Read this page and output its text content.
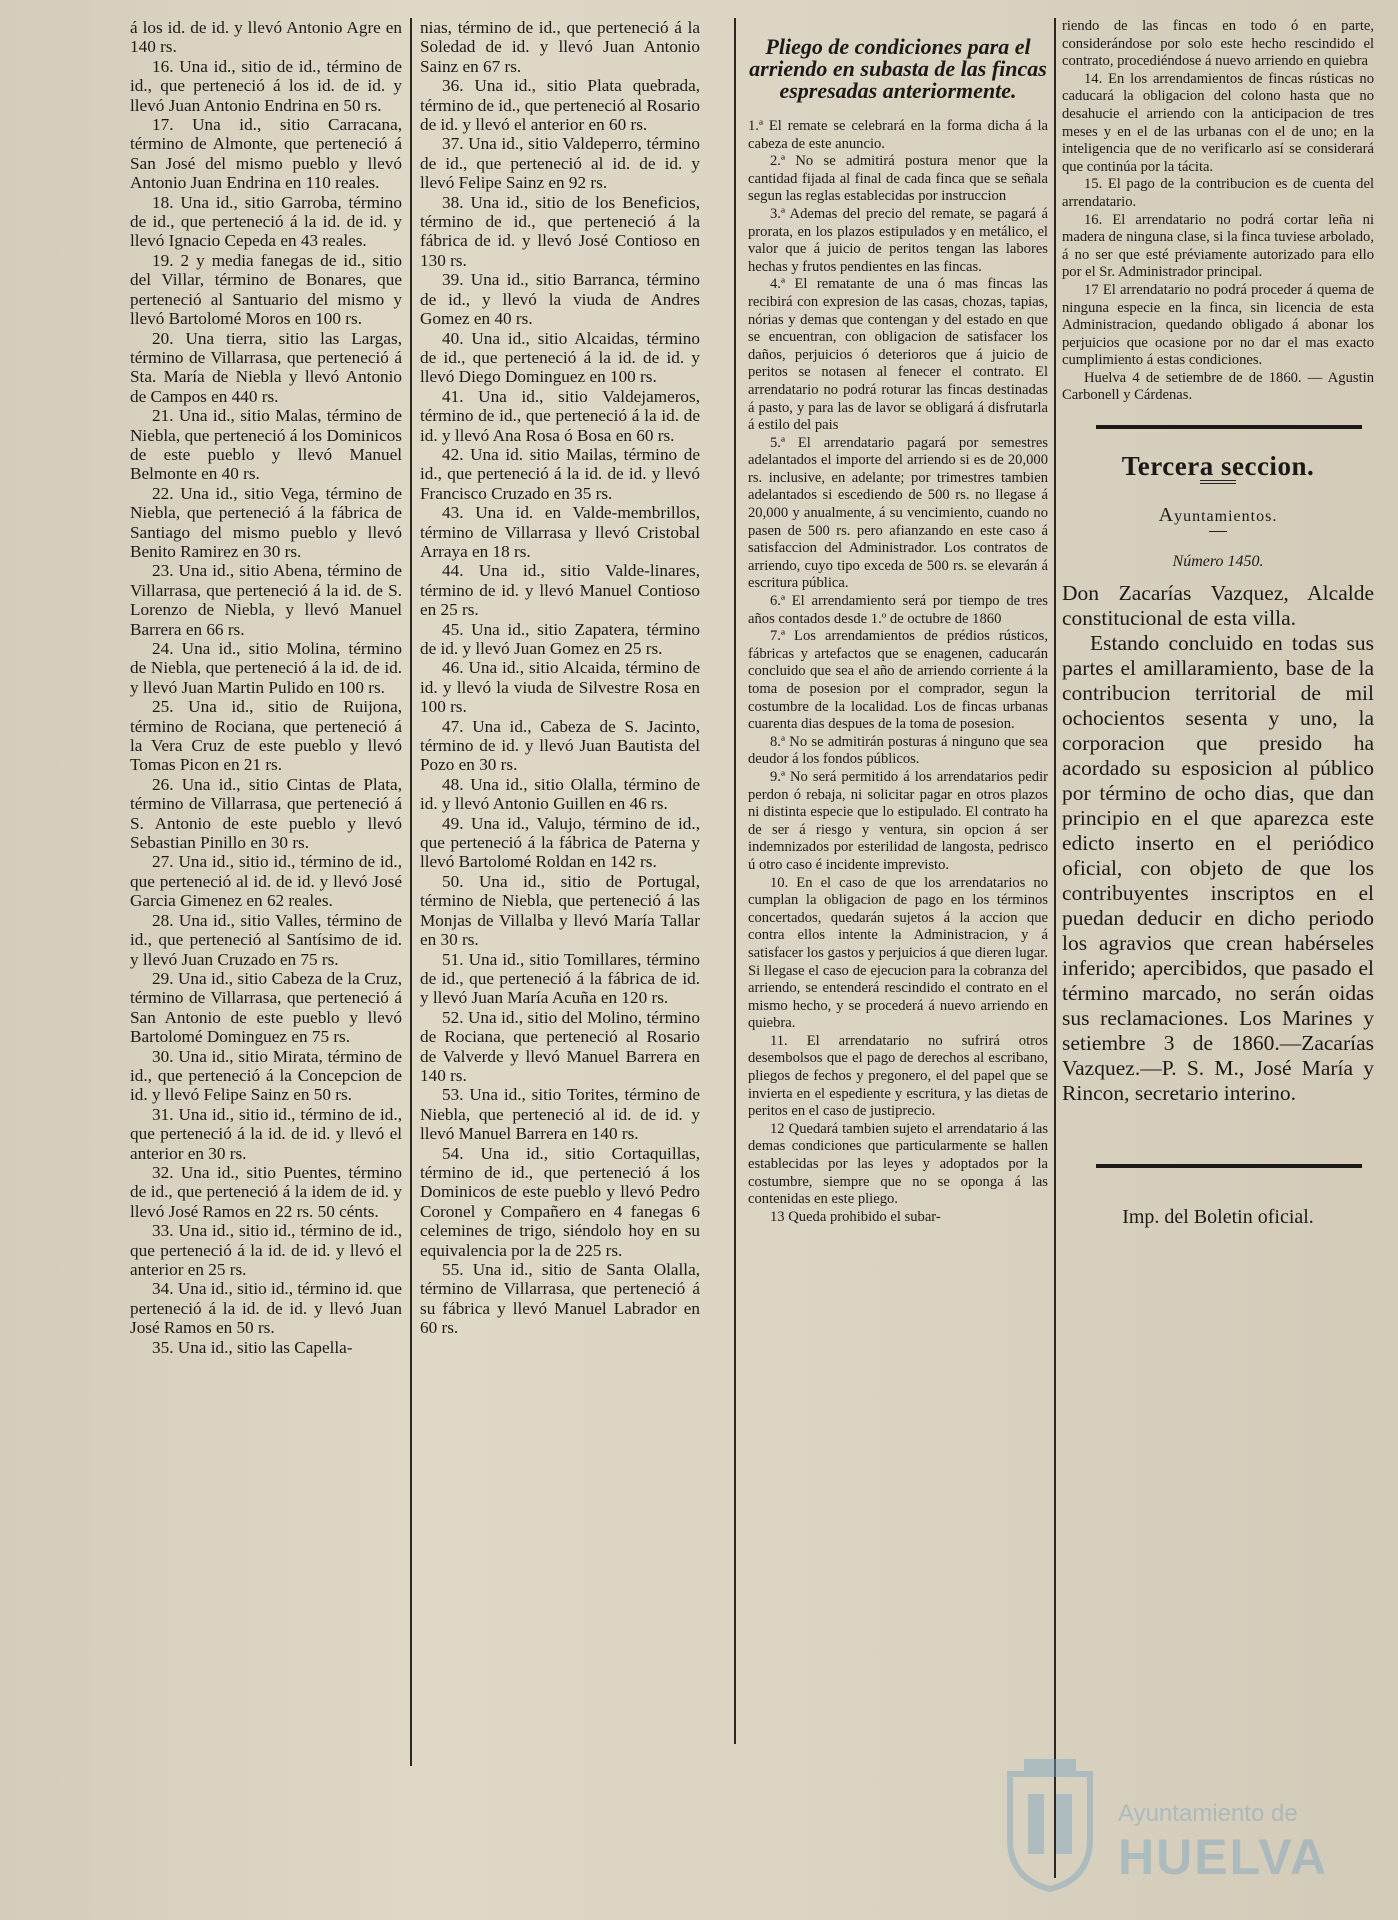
á los id. de id. y llevó Antonio Agre en 140 rs.

16. Una id., sitio de id., término de id., que perteneció á los id. de id. y llevó Juan Antonio Endrina en 50 rs.

17. Una id., sitio Carracana, término de Almonte, que perteneció á San José del mismo pueblo y llevó Antonio Juan Endrina en 110 reales.

18. Una id., sitio Garroba, término de id., que perteneció á la id. de id. y llevó Ignacio Cepeda en 43 reales.

19. 2 y media fanegas de id., sitio del Villar, término de Bonares, que perteneció al Santuario del mismo y llevó Bartolomé Moros en 100 rs.

20. Una tierra, sitio las Largas, término de Villarrasa, que perteneció á Sta. María de Niebla y llevó Antonio de Campos en 440 rs.

21. Una id., sitio Malas, término de Niebla, que perteneció á los Dominicos de este pueblo y llevó Manuel Belmonte en 40 rs.

22. Una id., sitio Vega, término de Niebla, que perteneció á la fábrica de Santiago del mismo pueblo y llevó Benito Ramirez en 30 rs.

23. Una id., sitio Abena, término de Villarrasa, que perteneció á la id. de S. Lorenzo de Niebla, y llevó Manuel Barrera en 66 rs.

24. Una id., sitio Molina, término de Niebla, que perteneció á la id. de id. y llevó Juan Martin Pulido en 100 rs.

25. Una id., sitio de Ruijona, término de Rociana, que perteneció á la Vera Cruz de este pueblo y llevó Tomas Picon en 21 rs.

26. Una id., sitio Cintas de Plata, término de Villarrasa, que perteneció á S. Antonio de este pueblo y llevó Sebastian Pinillo en 30 rs.

27. Una id., sitio id., término de id., que perteneció al id. de id. y llevó José Garcia Gimenez en 62 reales.

28. Una id., sitio Valles, término de id., que perteneció al Santísimo de id. y llevó Juan Cruzado en 75 rs.

29. Una id., sitio Cabeza de la Cruz, término de Villarrasa, que perteneció á San Antonio de este pueblo y llevó Bartolomé Dominguez en 75 rs.

30. Una id., sitio Mirata, término de id., que perteneció á la Concepcion de id. y llevó Felipe Sainz en 50 rs.

31. Una id., sitio id., término de id., que perteneció á la id. de id. y llevó el anterior en 30 rs.

32. Una id., sitio Puentes, término de id., que perteneció á la idem de id. y llevó José Ramos en 22 rs. 50 cénts.

33. Una id., sitio id., término de id., que perteneció á la id. de id. y llevó el anterior en 25 rs.

34. Una id., sitio id., término id. que perteneció á la id. de id. y llevó Juan José Ramos en 50 rs.

35. Una id., sitio las Capella-

nias, término de id., que perteneció á la Soledad de id. y llevó Juan Antonio Sainz en 67 rs.

36. Una id., sitio Plata quebrada, término de id., que perteneció al Rosario de id. y llevó el anterior en 60 rs.

37. Una id., sitio Valdeperro, término de id., que perteneció al id. de id. y llevó Felipe Sainz en 92 rs.

38. Una id., sitio de los Beneficios, término de id., que perteneció á la fábrica de id. y llevó José Contioso en 130 rs.

39. Una id., sitio Barranca, término de id., y llevó la viuda de Andres Gomez en 40 rs.

40. Una id., sitio Alcaidas, término de id., que perteneció á la id. de id. y llevó Diego Dominguez en 100 rs.

41. Una id., sitio Valdejameros, término de id., que perteneció á la id. de id. y llevó Ana Rosa ó Bosa en 60 rs.

42. Una id. sitio Mailas, término de id., que perteneció á la id. de id. y llevó Francisco Cruzado en 35 rs.

43. Una id. en Valde-membrillos, término de Villarrasa y llevó Cristobal Arraya en 18 rs.

44. Una id., sitio Valde-linares, término de id. y llevó Manuel Contioso en 25 rs.

45. Una id., sitio Zapatera, término de id. y llevó Juan Gomez en 25 rs.

46. Una id., sitio Alcaida, término de id. y llevó la viuda de Silvestre Rosa en 100 rs.

47. Una id., Cabeza de S. Jacinto, término de id. y llevó Juan Bautista del Pozo en 30 rs.

48. Una id., sitio Olalla, término de id. y llevó Antonio Guillen en 46 rs.

49. Una id., Valujo, término de id., que perteneció á la fábrica de Paterna y llevó Bartolomé Roldan en 142 rs.

50. Una id., sitio de Portugal, término de Niebla, que perteneció á las Monjas de Villalba y llevó María Tallar en 30 rs.

51. Una id., sitio Tomillares, término de id., que perteneció á la fábrica de id. y llevó Juan María Acuña en 120 rs.

52. Una id., sitio del Molino, término de Rociana, que perteneció al Rosario de Valverde y llevó Manuel Barrera en 140 rs.

53. Una id., sitio Torites, término de Niebla, que perteneció al id. de id. y llevó Manuel Barrera en 140 rs.

54. Una id., sitio Cortaquillas, término de id., que perteneció á los Dominicos de este pueblo y llevó Pedro Coronel y Compañero en 4 fanegas 6 celemines de trigo, siéndolo hoy en su equivalencia por la de 225 rs.

55. Una id., sitio de Santa Olalla, término de Villarrasa, que perteneció á su fábrica y llevó Manuel Labrador en 60 rs.

Pliego de condiciones para el arriendo en subasta de las fincas espresadas anteriormente.

1.ª El remate se celebrará en la forma dicha á la cabeza de este anuncio.

2.ª No se admitirá postura menor que la cantidad fijada al final de cada finca que se señala segun las reglas establecidas por instruccion

3.ª Ademas del precio del remate, se pagará á prorata, en los plazos estipulados y en metálico, el valor que á juicio de peritos tengan las labores hechas y frutos pendientes en las fincas.

4.ª El rematante de una ó mas fincas las recibirá con expresion de las casas, chozas, tapias, nórias y demas que contengan y del estado en que se encuentran, con obligacion de satisfacer los daños, perjuicios ó deterioros que á juicio de peritos se notasen al fenecer el contrato. El arrendatario no podrá roturar las fincas destinadas á pasto, y para las de lavor se obligará á disfrutarla á estilo del pais

5.ª El arrendatario pagará por semestres adelantados el importe del arriendo si es de 20,000 rs. inclusive, en adelante; por trimestres tambien adelantados si escediendo de 500 rs. no llegase á 20,000 y anualmente, á su vencimiento, cuando no pasen de 500 rs. pero afianzando en este caso á satisfaccion del Administrador. Los contratos de arriendo, cuyo tipo exceda de 500 rs. se elevarán á escritura pública.

6.ª El arrendamiento será por tiempo de tres años contados desde 1.º de octubre de 1860

7.ª Los arrendamientos de prédios rústicos, fábricas y artefactos que se enagenen, caducarán concluido que sea el año de arriendo corriente á la toma de posesion por el comprador, segun la costumbre de la localidad. Los de fincas urbanas cuarenta dias despues de la toma de posesion.

8.ª No se admitirán posturas á ninguno que sea deudor á los fondos públicos.

9.ª No será permitido á los arrendatarios pedir perdon ó rebaja, ni solicitar pagar en otros plazos ni distinta especie que lo estipulado. El contrato ha de ser á riesgo y ventura, sin opcion á ser indemnizados por esterilidad de langosta, pedrisco ú otro caso é incidente imprevisto.

10. En el caso de que los arrendatarios no cumplan la obligacion de pago en los términos concertados, quedarán sujetos á la accion que contra ellos intente la Administracion, y á satisfacer los gastos y perjuicios á que dieren lugar. Si llegase el caso de ejecucion para la cobranza del arriendo, se entenderá rescindido el contrato en el mismo hecho, y se procederá á nuevo arriendo en quiebra.

11. El arrendatario no sufrirá otros desembolsos que el pago de derechos al escribano, pliegos de fechos y pregonero, el del papel que se invierta en el espediente y escritura, y las dietas de peritos en el caso de justiprecio.

12 Quedará tambien sujeto el arrendatario á las demas condiciones que particularmente se hallen establecidas por las leyes y adoptados por la costumbre, siempre que no se oponga á las contenidas en este pliego.

13 Queda prohibido el subar-

riendo de las fincas en todo ó en parte, considerándose por solo este hecho rescindido el contrato, procediéndose á nuevo arriendo en quiebra

14. En los arrendamientos de fincas rústicas no caducará la obligacion del colono hasta que no desahucie el arriendo con la anticipacion de tres meses y en el de las urbanas con el de uno; en la inteligencia que de no verificarlo así se considerará que continúa por la tácita.

15. El pago de la contribucion es de cuenta del arrendatario.

16. El arrendatario no podrá cortar leña ni madera de ninguna clase, si la finca tuviese arbolado, á no ser que esté préviamente autorizado para ello por el Sr. Administrador principal.

17 El arrendatario no podrá proceder á quema de ninguna especie en la finca, sin licencia de esta Administracion, quedando obligado á abonar los perjuicios que ocasione por no dar el mas exacto cumplimiento á estas condiciones.

Huelva 4 de setiembre de de 1860. — Agustin Carbonell y Cárdenas.

Tercera seccion.

Ayuntamientos.

Número 1450.

Don Zacarías Vazquez, Alcalde constitucional de esta villa.

Estando concluido en todas sus partes el amillaramiento, base de la contribucion territorial de mil ochocientos sesenta y uno, la corporacion que presido ha acordado su esposicion al público por término de ocho dias, que dan principio en el que aparezca este edicto inserto en el periódico oficial, con objeto de que los contribuyentes inscriptos en el puedan deducir en dicho periodo los agravios que crean habérseles inferido; apercibidos, que pasado el término marcado, no serán oidas sus reclamaciones. Los Marines y setiembre 3 de 1860.—Zacarías Vazquez.—P. S. M., José María y Rincon, secretario interino.

Imp. del Boletin oficial.
Ayuntamiento de
HUELVA
